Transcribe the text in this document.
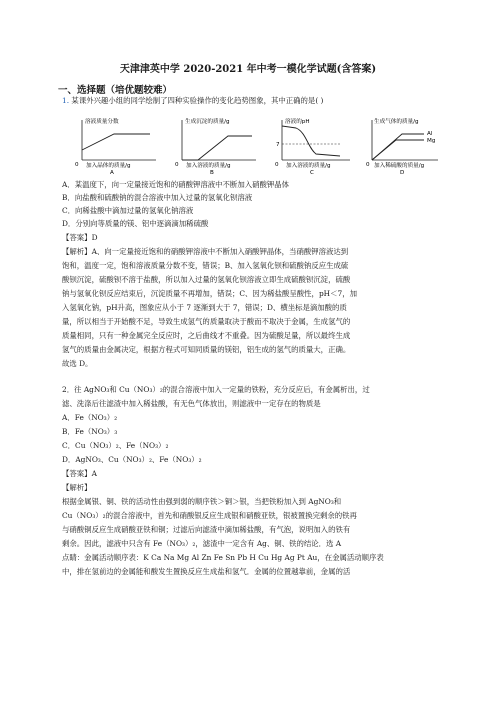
天津津英中学 2020-2021 年中考一模化学试题(含答案)
一、选择题（培优题较难）
1. 某课外兴趣小组的同学绘制了四种实验操作的变化趋势图象，其中正确的是( )
溶液质量分数
0 加入晶体的质量/g
A
生成沉淀的质量/g
0 加入溶液的质量/g
B
溶液的pH
7
0 加入溶液的质量/g
C
生成气体的质量/g
Al
Mg
0 加入稀硫酸的质量/g
D
A．某温度下，向一定量接近饱和的硝酸钾溶液中不断加入硝酸钾晶体
B．向盐酸和硫酸钠的混合溶液中加入过量的氢氧化钡溶液
C．向稀盐酸中滴加过量的氢氧化钠溶液
D．分别向等质量的镁、铝中逐滴滴加稀硫酸
【答案】D
【解析】A、向一定量接近饱和的硝酸钾溶液中不断加入硝酸钾晶体，当硝酸钾溶液达到
饱和，温度一定，饱和溶液质量分数不变，错误；B、加入氢氧化钡和硫酸钠反应生成硫
酸钡沉淀，硫酸钡不溶于盐酸，所以加入过量的氢氧化钡溶液立即生成硫酸钡沉淀，硫酸
钠与氢氧化钡反应结束后，沉淀质量不再增加，错误；C、因为稀盐酸呈酸性，pH＜7，加
入氢氧化钠，pH升高，图象应从小于 7 逐渐到大于 7，错误；D、横坐标是滴加酸的质
量，所以相当于开始酸不足，导致生成氢气的质量取决于酸而不取决于金属，生成氢气的
质量相同，只有一种金属完全反应时，之后曲线才不重叠。因为硫酸足量，所以最终生成
氢气的质量由金属决定，根据方程式可知同质量的镁铝，铝生成的氢气的质量大，正确。
故选 D。
2．往 AgNO₃和 Cu（NO₃）₂的混合溶液中加入一定量的铁粉，充分反应后，有金属析出，过
滤、洗涤后往滤渣中加入稀盐酸，有无色气体放出，则滤液中一定存在的物质是
A．Fe（NO₃）₂
B．Fe（NO₃）₃
C．Cu（NO₃）₂、Fe（NO₃）₂
D．AgNO₃、Cu（NO₃）₂、Fe（NO₃）₂
【答案】A
【解析】
根据金属银、铜、铁的活动性由强到弱的顺序铁＞铜＞银，当把铁粉加入到 AgNO₃和
Cu（NO₃）₂的混合溶液中，首先和硝酸银反应生成银和硝酸亚铁，银被置换完剩余的铁再
与硝酸铜反应生成硝酸亚铁和铜；过滤后向滤渣中滴加稀盐酸，有气泡，说明加入的铁有
剩余。因此，滤液中只含有 Fe（NO₃）₂，滤渣中一定含有 Ag、铜、铁的结论．选 A
点睛：金属活动顺序表：K Ca Na Mg Al Zn Fe Sn Pb H Cu Hg Ag Pt Au，在金属活动顺序表
中，排在氢前边的金属能和酸发生置换反应生成盐和氢气．金属的位置越靠前，金属的活
